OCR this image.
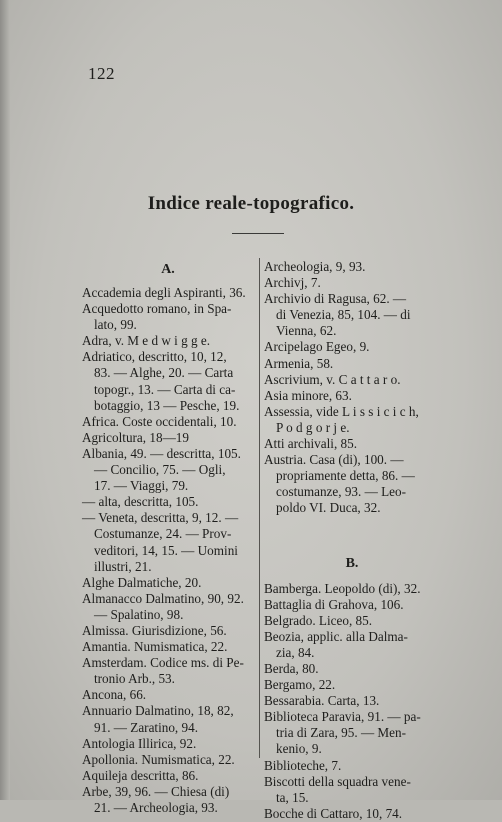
122
Indice reale-topografico.
A.
Accademia degli Aspiranti, 36.
Acquedotto romano, in Spa-
lato, 99.
Adra, v. M e d w i g g e.
Adriatico, descritto, 10, 12,
83. — Alghe, 20. — Carta
topogr., 13. — Carta di ca-
botaggio, 13 — Pesche, 19.
Africa. Coste occidentali, 10.
Agricoltura, 18—19
Albania, 49. — descritta, 105.
— Concilio, 75. — Ogli,
17. — Viaggi, 79.
— alta, descritta, 105.
— Veneta, descritta, 9, 12. —
Costumanze, 24. — Prov-
veditori, 14, 15. — Uomini
illustri, 21.
Alghe Dalmatiche, 20.
Almanacco Dalmatino, 90, 92.
— Spalatino, 98.
Almissa. Giurisdizione, 56.
Amantia. Numismatica, 22.
Amsterdam. Codice ms. di Pe-
tronio Arb., 53.
Ancona, 66.
Annuario Dalmatino, 18, 82,
91. — Zaratino, 94.
Antologia Illirica, 92.
Apollonia. Numismatica, 22.
Aquileja descritta, 86.
Arbe, 39, 96. — Chiesa (di)
21. — Archeologia, 93.
Archeologia, 9, 93.
Archivj, 7.
Archivio di Ragusa, 62. —
di Venezia, 85, 104. — di
Vienna, 62.
Arcipelago Egeo, 9.
Armenia, 58.
Ascrivium, v. C a t t a r o.
Asia minore, 63.
Assessia, vide L i s s i c i c h,
P o d g o r j e.
Atti archivali, 85.
Austria. Casa (di), 100. —
propriamente detta, 86. —
costumanze, 93. — Leo-
poldo VI. Duca, 32.
B.
Bamberga. Leopoldo (di), 32.
Battaglia di Grahova, 106.
Belgrado. Liceo, 85.
Beozia, applic. alla Dalma-
zia, 84.
Berda, 80.
Bergamo, 22.
Bessarabia. Carta, 13.
Biblioteca Paravia, 91. — pa-
tria di Zara, 95. — Men-
kenio, 9.
Biblioteche, 7.
Biscotti della squadra vene-
ta, 15.
Bocche di Cattaro, 10, 74.
